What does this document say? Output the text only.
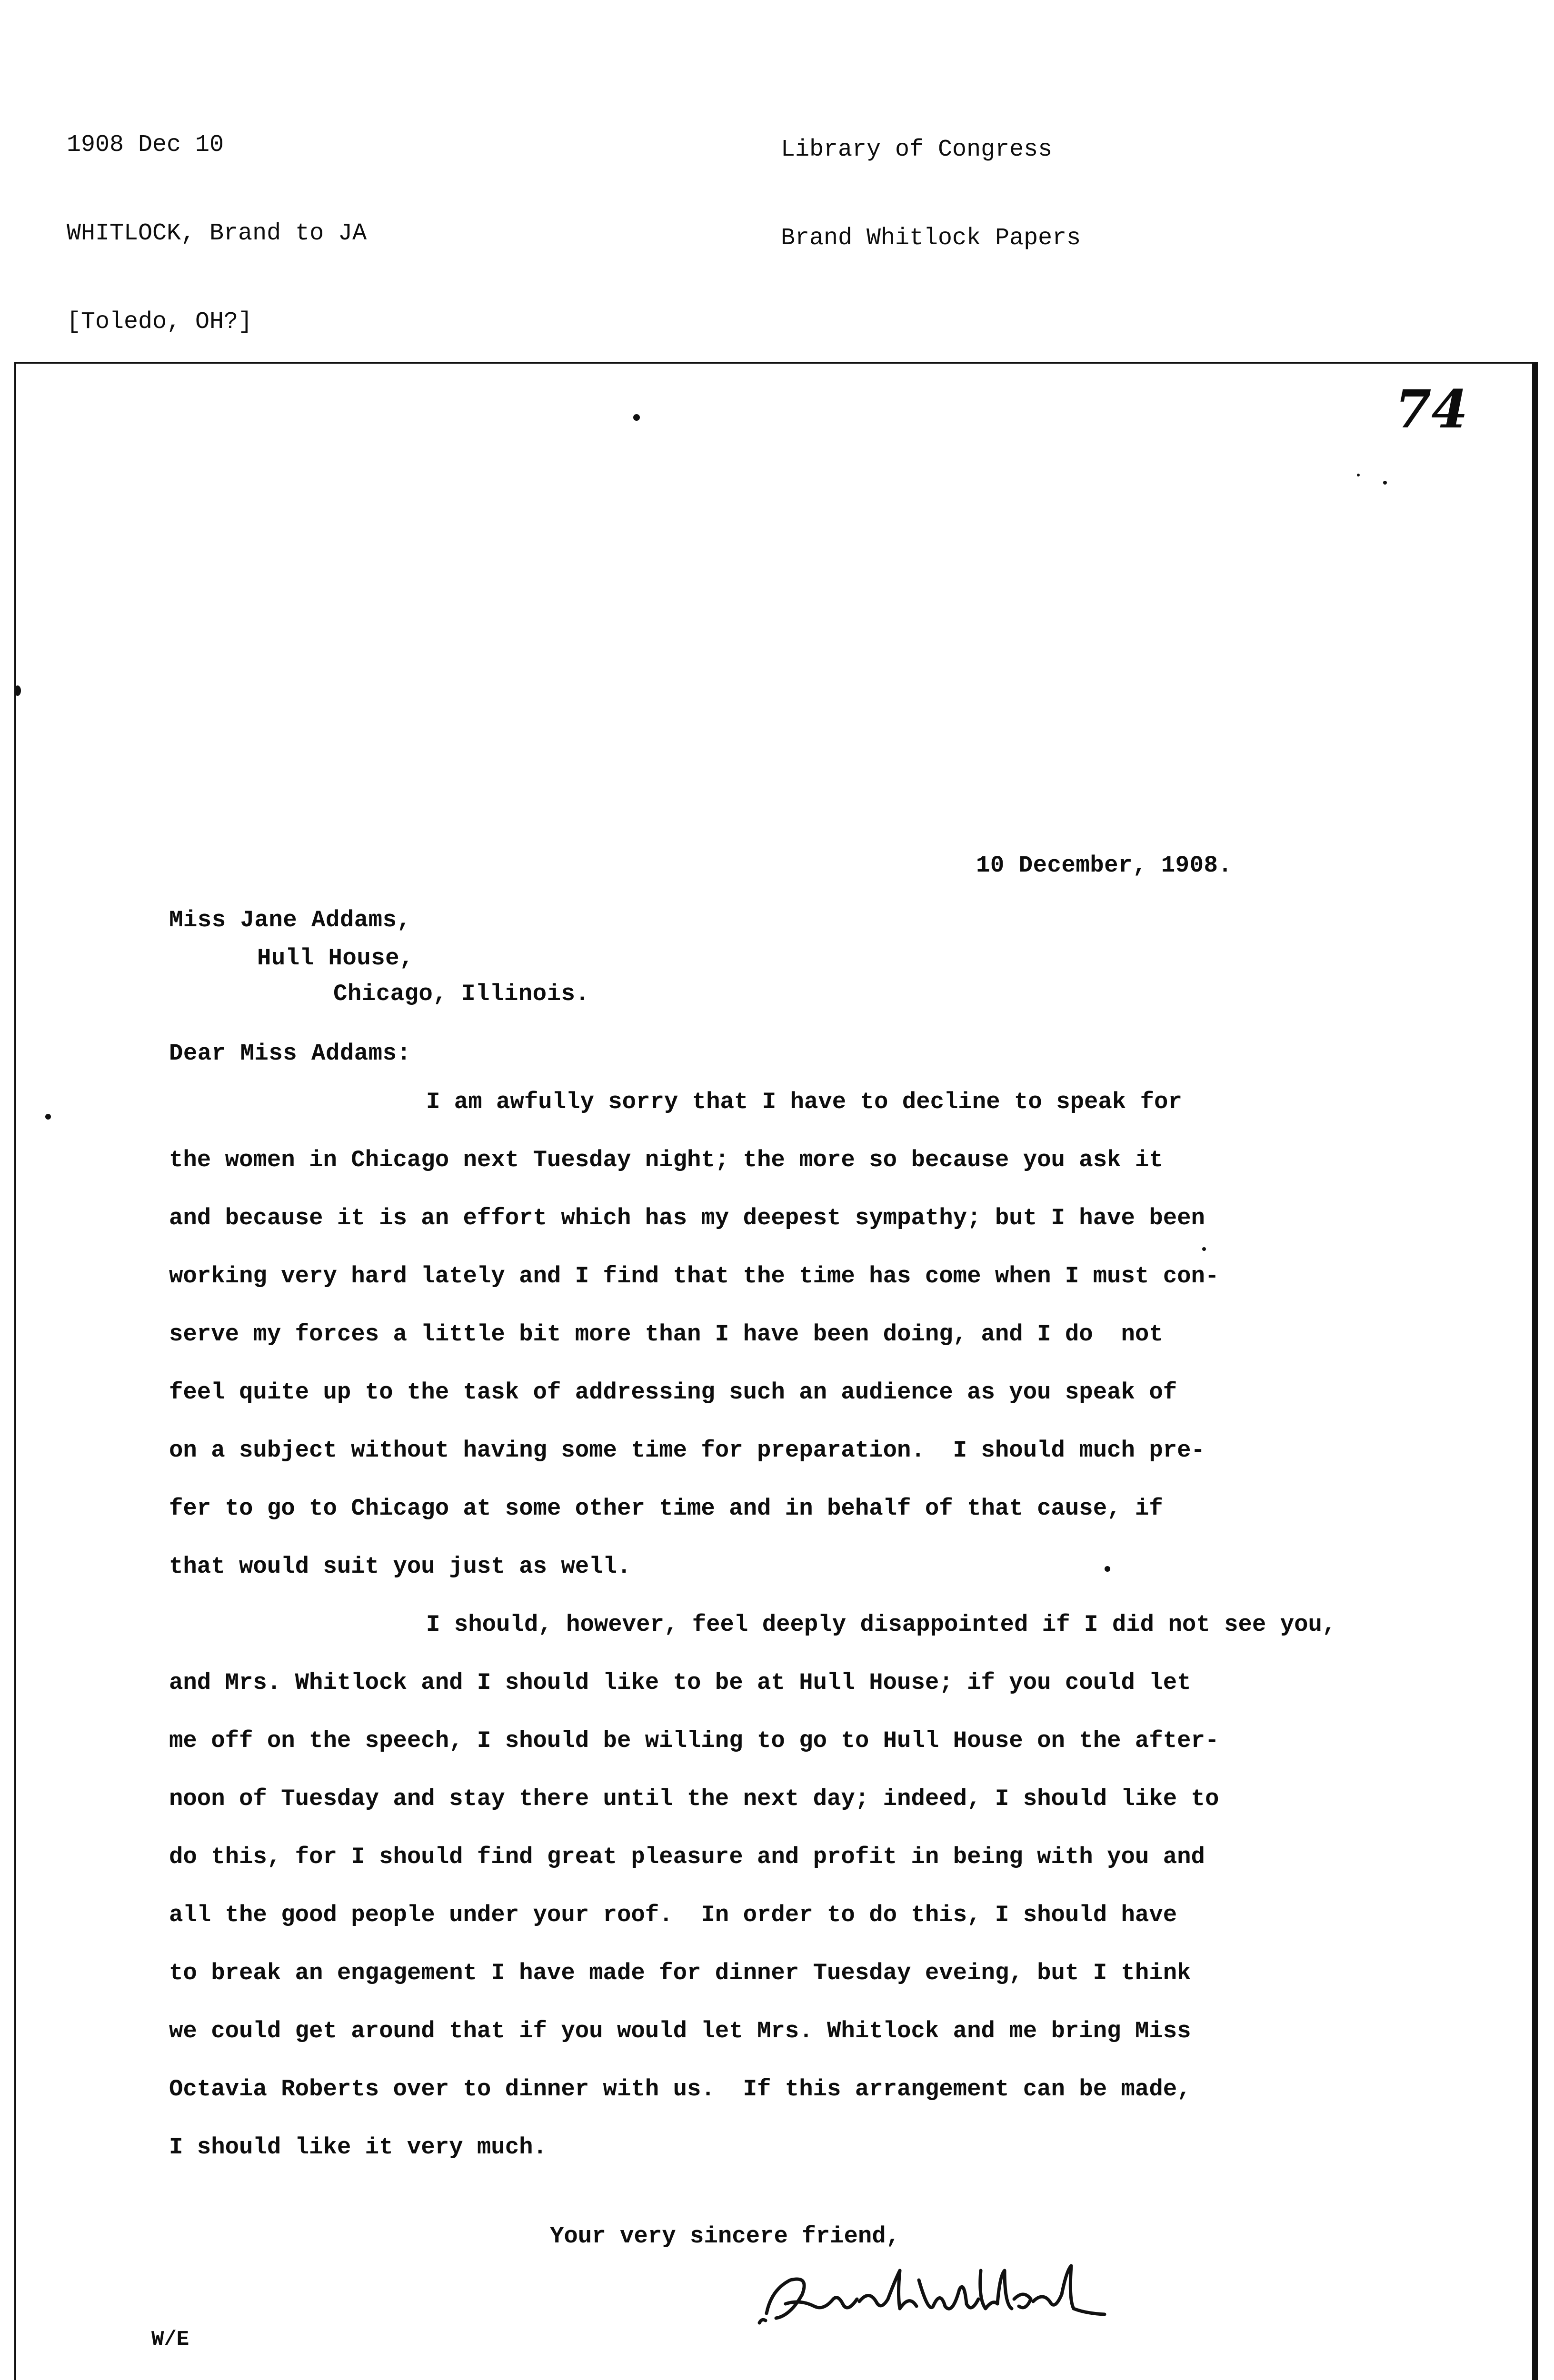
1908 Dec 10

WHITLOCK, Brand to JA

[Toledo, OH?]

Library of Congress

Brand Whitlock Papers

74
10 December, 1908.
Miss Jane Addams,
Hull House,
Chicago, Illinois.
Dear Miss Addams:
I am awfully sorry that I have to decline to speak for
the women in Chicago next Tuesday night; the more so because you ask it
and because it is an effort which has my deepest sympathy; but I have been
working very hard lately and I find that the time has come when I must con-
serve my forces a little bit more than I have been doing, and I do  not
feel quite up to the task of addressing such an audience as you speak of
on a subject without having some time for preparation.  I should much pre-
fer to go to Chicago at some other time and in behalf of that cause, if
that would suit you just as well.
I should, however, feel deeply disappointed if I did not see you,
and Mrs. Whitlock and I should like to be at Hull House; if you could let
me off on the speech, I should be willing to go to Hull House on the after-
noon of Tuesday and stay there until the next day; indeed, I should like to
do this, for I should find great pleasure and profit in being with you and
all the good people under your roof.  In order to do this, I should have
to break an engagement I have made for dinner Tuesday eveing, but I think
we could get around that if you would let Mrs. Whitlock and me bring Miss
Octavia Roberts over to dinner with us.  If this arrangement can be made,
I should like it very much.
Your very sincere friend,
W/E
